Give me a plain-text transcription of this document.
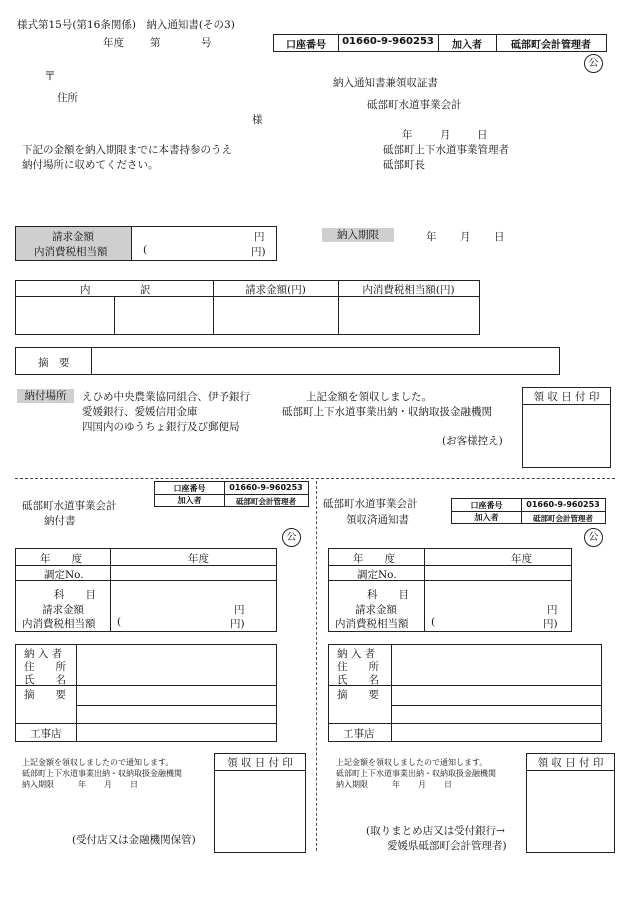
様式第15号(第16条関係)　納入通知書(その3)
年度 第	号	口座番号	01660-9-960253	加入者	砥部町会計管理者
公
〒
住所
様
納入通知書兼領収証書
砥部町水道事業会計
年	月	日
砥部町上下水道事業管理者
砥部町長
下記の金額を納入期限までに本書持参のうえ
納付場所に収めてください。
請求金額
内消費税相当額
円
(	円)
納入期限	年 月 日
内	訳	請求金額(円)	内消費税相当額(円)
摘　要
納付場所	えひめ中央農業協同組合、伊予銀行
愛媛銀行、愛媛信用金庫
四国内のゆうちょ銀行及び郵便局
上記金額を領収しました。
砥部町上下水道事業出納・収納取扱金融機関
(お客様控え)
領 収 日 付 印
口座番号	01660-9-960253
加入者	砥部町会計管理者
砥部町水道事業会計
納付書
公
年　　度	年度
調定No.
科　　目
請求金額
内消費税相当額
円
(	円)
納 入 者
住　　所
氏　　名
摘　　要
工事店
上記金額を領収しましたので通知します。
砥部町上下水道事業出納・収納取扱金融機関
納入期限	年 月 日
(受付店又は金融機関保管)
領 収 日 付 印
砥部町水道事業会計
領収済通知書
口座番号	01660-9-960253
加入者	砥部町会計管理者
公
年　　度	年度
調定No.
科　　目
請求金額
内消費税相当額
円
(	円)
納 入 者
住　　所
氏　　名
摘　　要
工事店
上記金額を領収しましたので通知します。
砥部町上下水道事業出納・収納取扱金融機関
納入期限	年 月 日
(取りまとめ店又は受付銀行→
愛媛県砥部町会計管理者)
領 収 日 付 印
